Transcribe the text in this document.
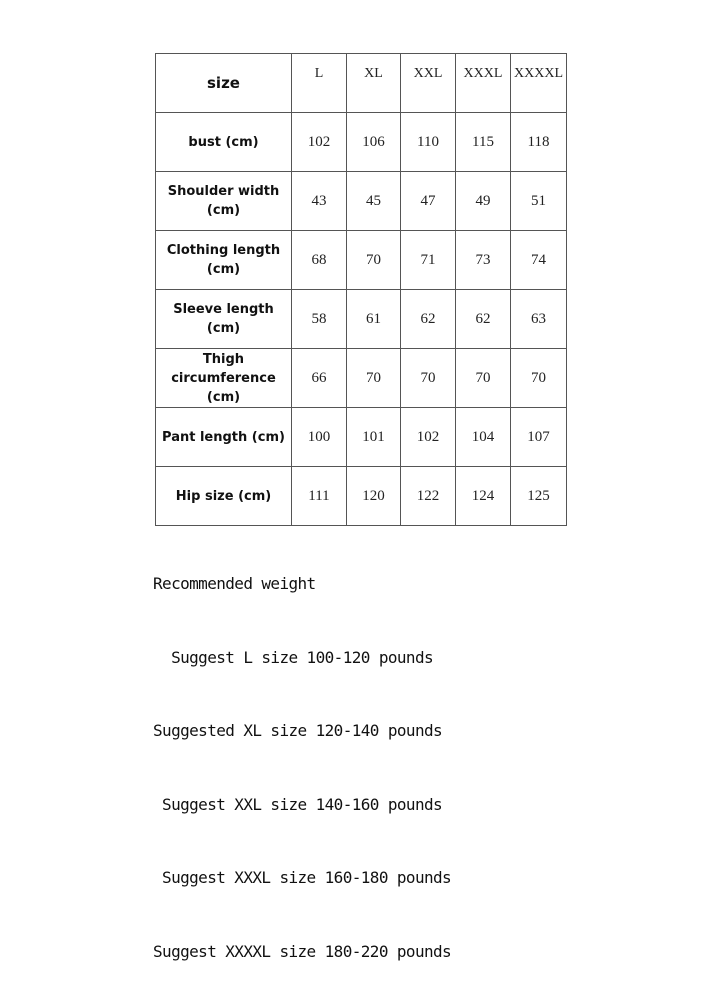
size	L	XL	XXL	XXXL	XXXXL
bust (cm)	102	106	110	115	118
Shoulder width (cm)	43	45	47	49	51
Clothing length (cm)	68	70	71	73	74
Sleeve length (cm)	58	61	62	62	63
Thigh circumference (cm)	66	70	70	70	70
Pant length (cm)	100	101	102	104	107
Hip size (cm)	111	120	122	124	125

Recommended weight

Suggest L size 100-120 pounds

Suggested XL size 120-140 pounds

Suggest XXL size 140-160 pounds

Suggest XXXL size 160-180 pounds

Suggest XXXXL size 180-220 pounds
